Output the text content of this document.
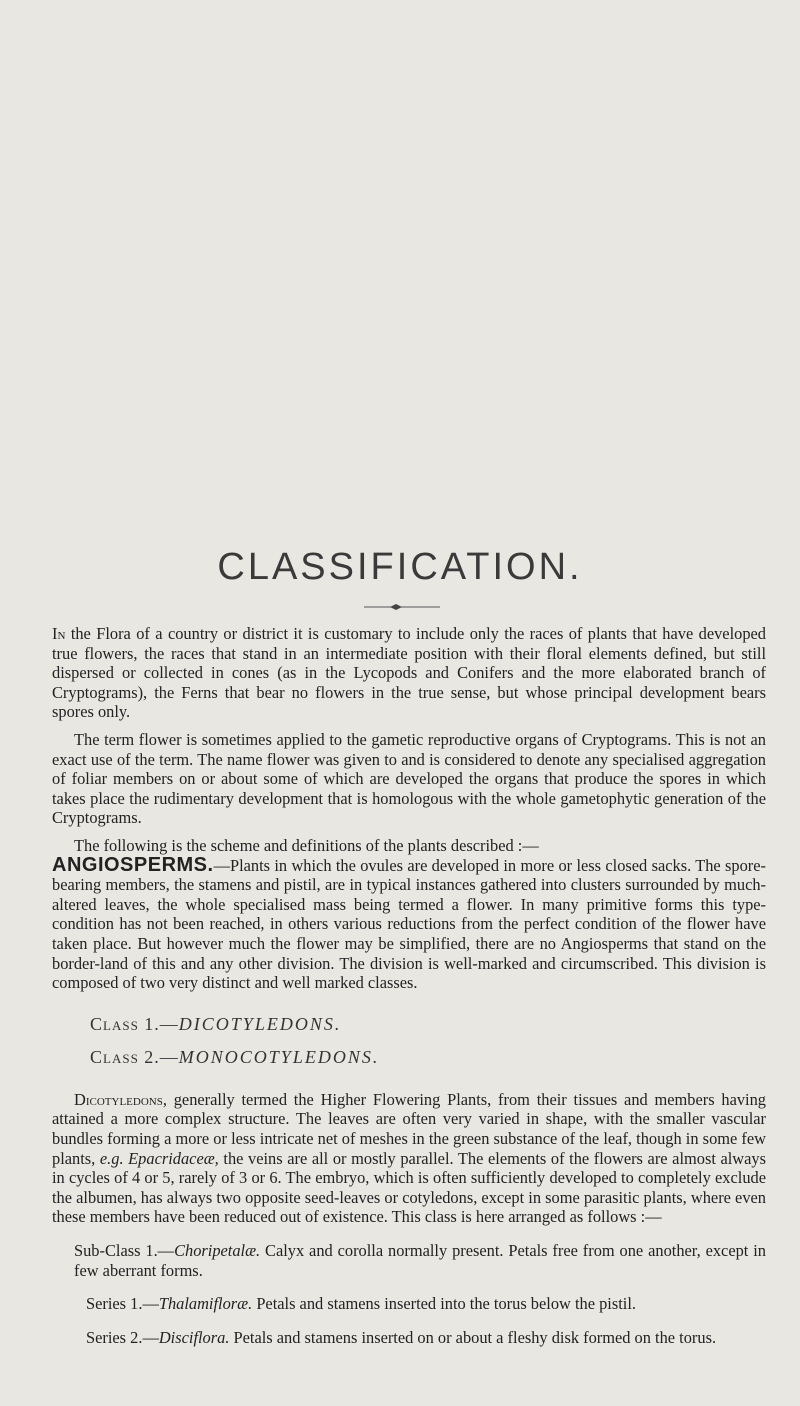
CLASSIFICATION.

In the Flora of a country or district it is customary to include only the races of plants that have developed true flowers, the races that stand in an intermediate position with their floral elements defined, but still dispersed or collected in cones (as in the Lycopods and Conifers and the more elaborated branch of Cryptograms), the Ferns that bear no flowers in the true sense, but whose principal development bears spores only.

The term flower is sometimes applied to the gametic reproductive organs of Cryptograms. This is not an exact use of the term. The name flower was given to and is considered to denote any specialised aggregation of foliar members on or about some of which are developed the organs that produce the spores in which takes place the rudimentary development that is homologous with the whole gametophytic generation of the Cryptograms.

The following is the scheme and definitions of the plants described :—

ANGIOSPERMS.—Plants in which the ovules are developed in more or less closed sacks. The spore-bearing members, the stamens and pistil, are in typical instances gathered into clusters surrounded by much-altered leaves, the whole specialised mass being termed a flower. In many primitive forms this type-condition has not been reached, in others various reductions from the perfect condition of the flower have taken place. But however much the flower may be simplified, there are no Angiosperms that stand on the border-land of this and any other division. The division is well-marked and circumscribed. This division is composed of two very distinct and well marked classes.

Class 1.—DICOTYLEDONS.

Class 2.—MONOCOTYLEDONS.

Dicotyledons, generally termed the Higher Flowering Plants, from their tissues and members having attained a more complex structure. The leaves are often very varied in shape, with the smaller vascular bundles forming a more or less intricate net of meshes in the green substance of the leaf, though in some few plants, e.g. Epacridaceæ, the veins are all or mostly parallel. The elements of the flowers are almost always in cycles of 4 or 5, rarely of 3 or 6. The embryo, which is often sufficiently developed to completely exclude the albumen, has always two opposite seed-leaves or cotyledons, except in some parasitic plants, where even these members have been reduced out of existence. This class is here arranged as follows :—

Sub-Class 1.—Choripetalæ. Calyx and corolla normally present. Petals free from one another, except in few aberrant forms.

Series 1.—Thalamifloræ. Petals and stamens inserted into the torus below the pistil.

Series 2.—Disciflora. Petals and stamens inserted on or about a fleshy disk formed on the torus.
